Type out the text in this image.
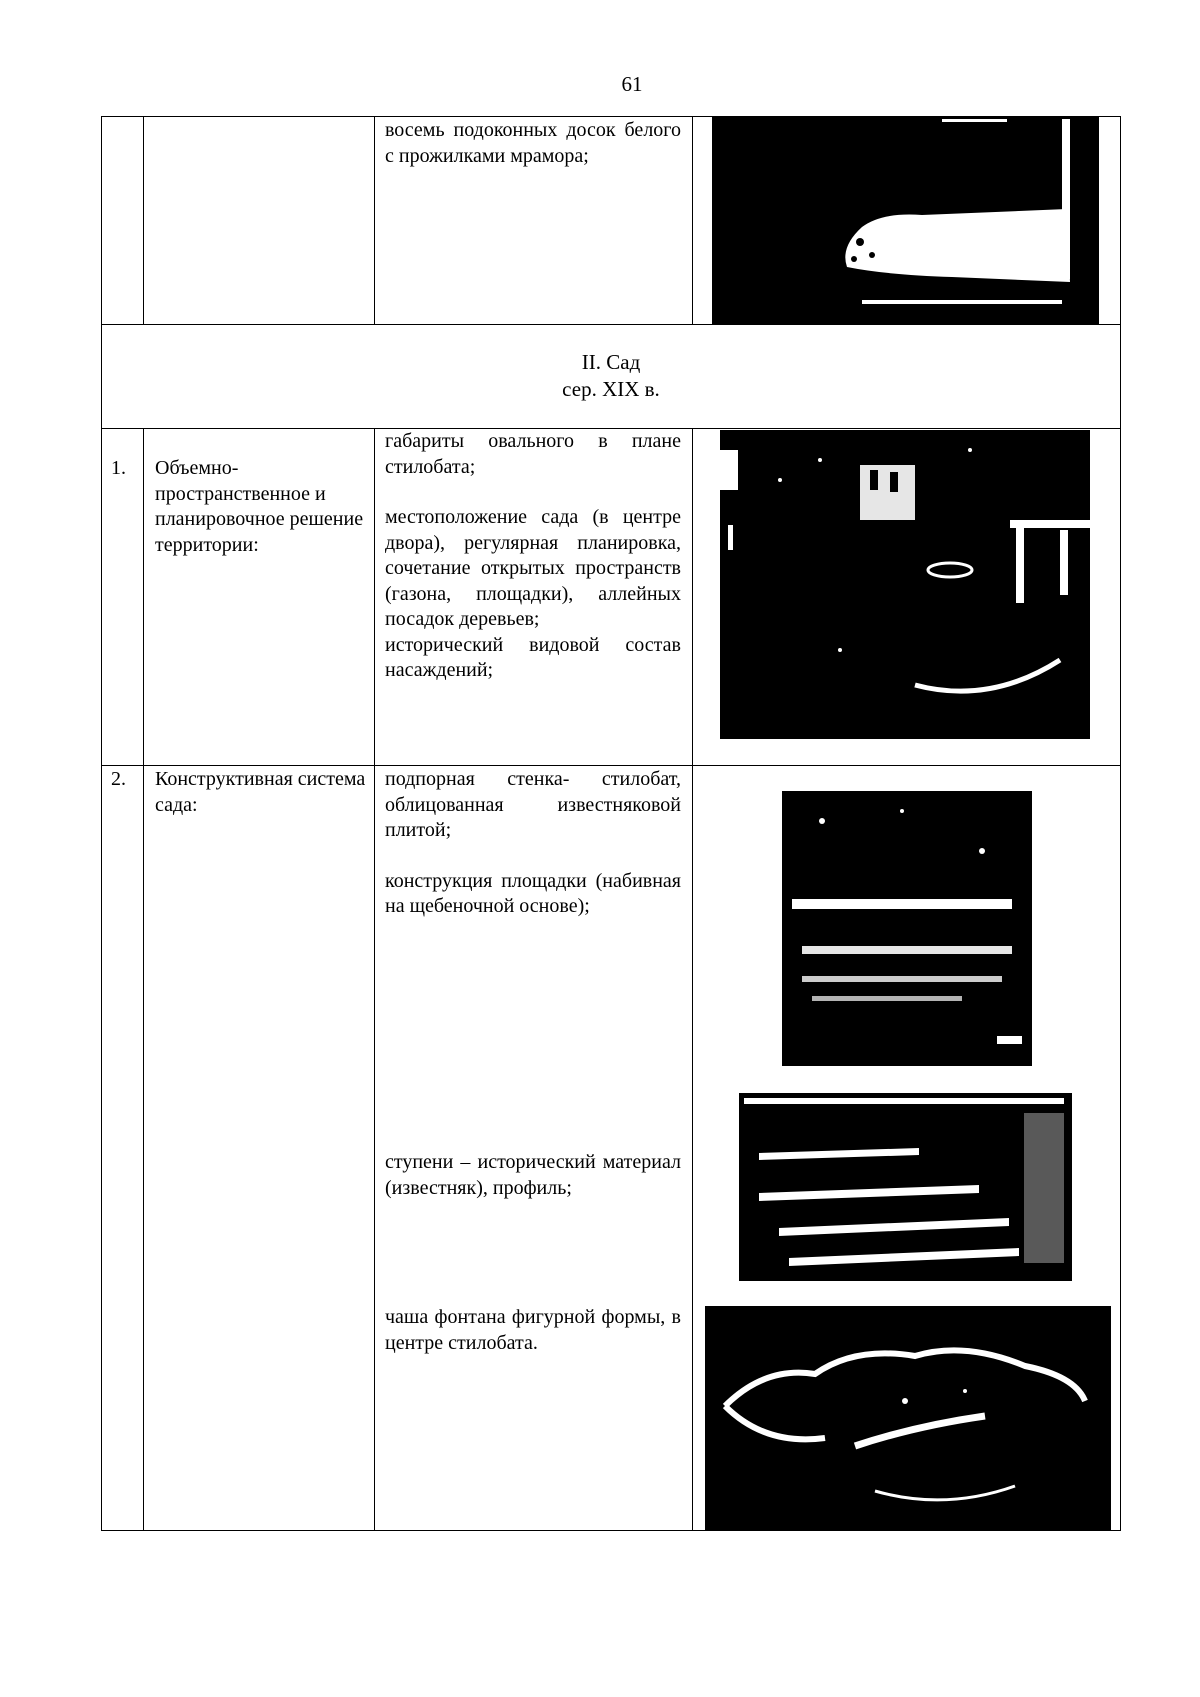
61

восемь подоконных досок белого с прожилками мрамора;

II. Сад
сер. XIX в.
1. Объемно-пространственное и планировочное решение территории:

габариты овального в плане стилобата;

местоположение сада (в центре двора), регулярная планировка, сочетание открытых пространств (газона, площадки), аллейных посадок деревьев;

исторический видовой состав насаждений;

2. Конструктивная система сада:

подпорная стенка- стилобат, облицованная известняковой плитой;

конструкция площадки (набивная на щебеночной основе);

ступени – исторический материал (известняк), профиль;

чаша фонтана фигурной формы, в центре стилобата.
